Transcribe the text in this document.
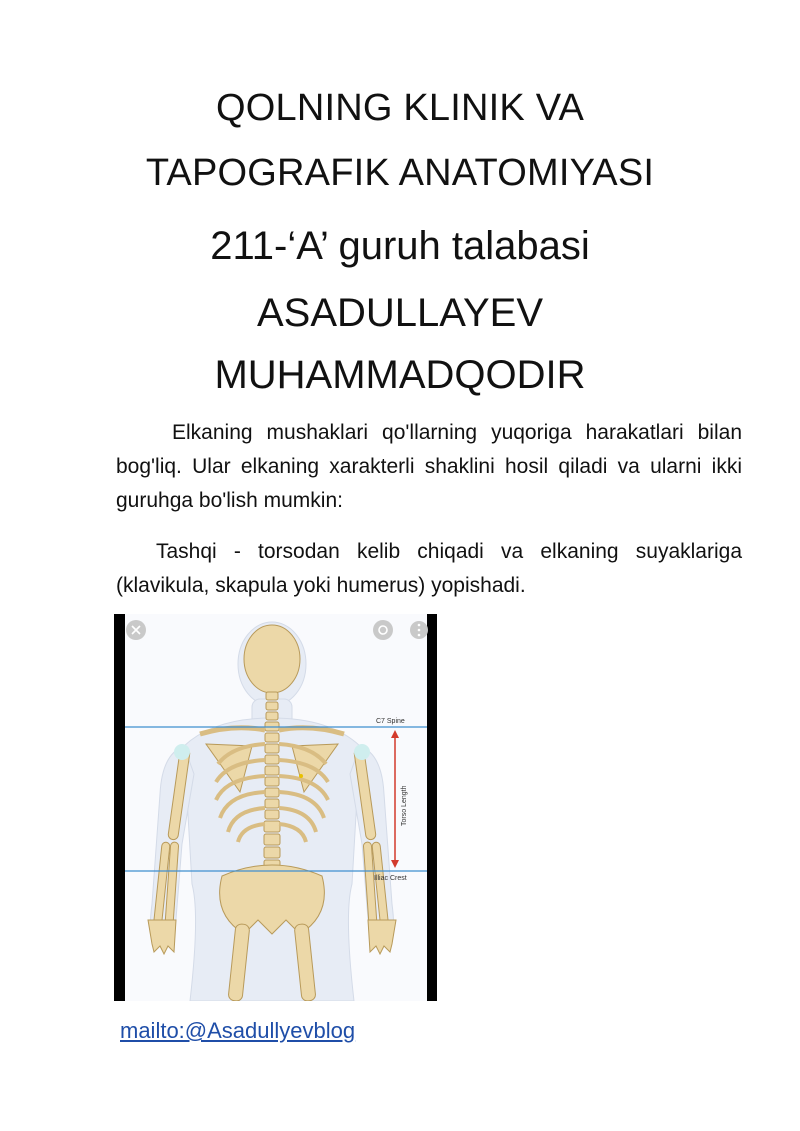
QOLNING KLINIK VA
TAPOGRAFIK ANATOMIYASI
211-‘A’ guruh talabasi
ASADULLAYEV
MUHAMMADQODIR
Elkaning mushaklari qo'llarning yuqoriga harakatlari bilan bog'liq. Ular elkaning xarakterli shaklini hosil qiladi va ularni ikki guruhga bo'lish mumkin:
Tashqi - torsodan kelib chiqadi va elkaning suyaklariga (klavikula, skapula yoki humerus) yopishadi.
C7 Spine
Torso Length
Illiac Crest
mailto:@Asadullyevblog
